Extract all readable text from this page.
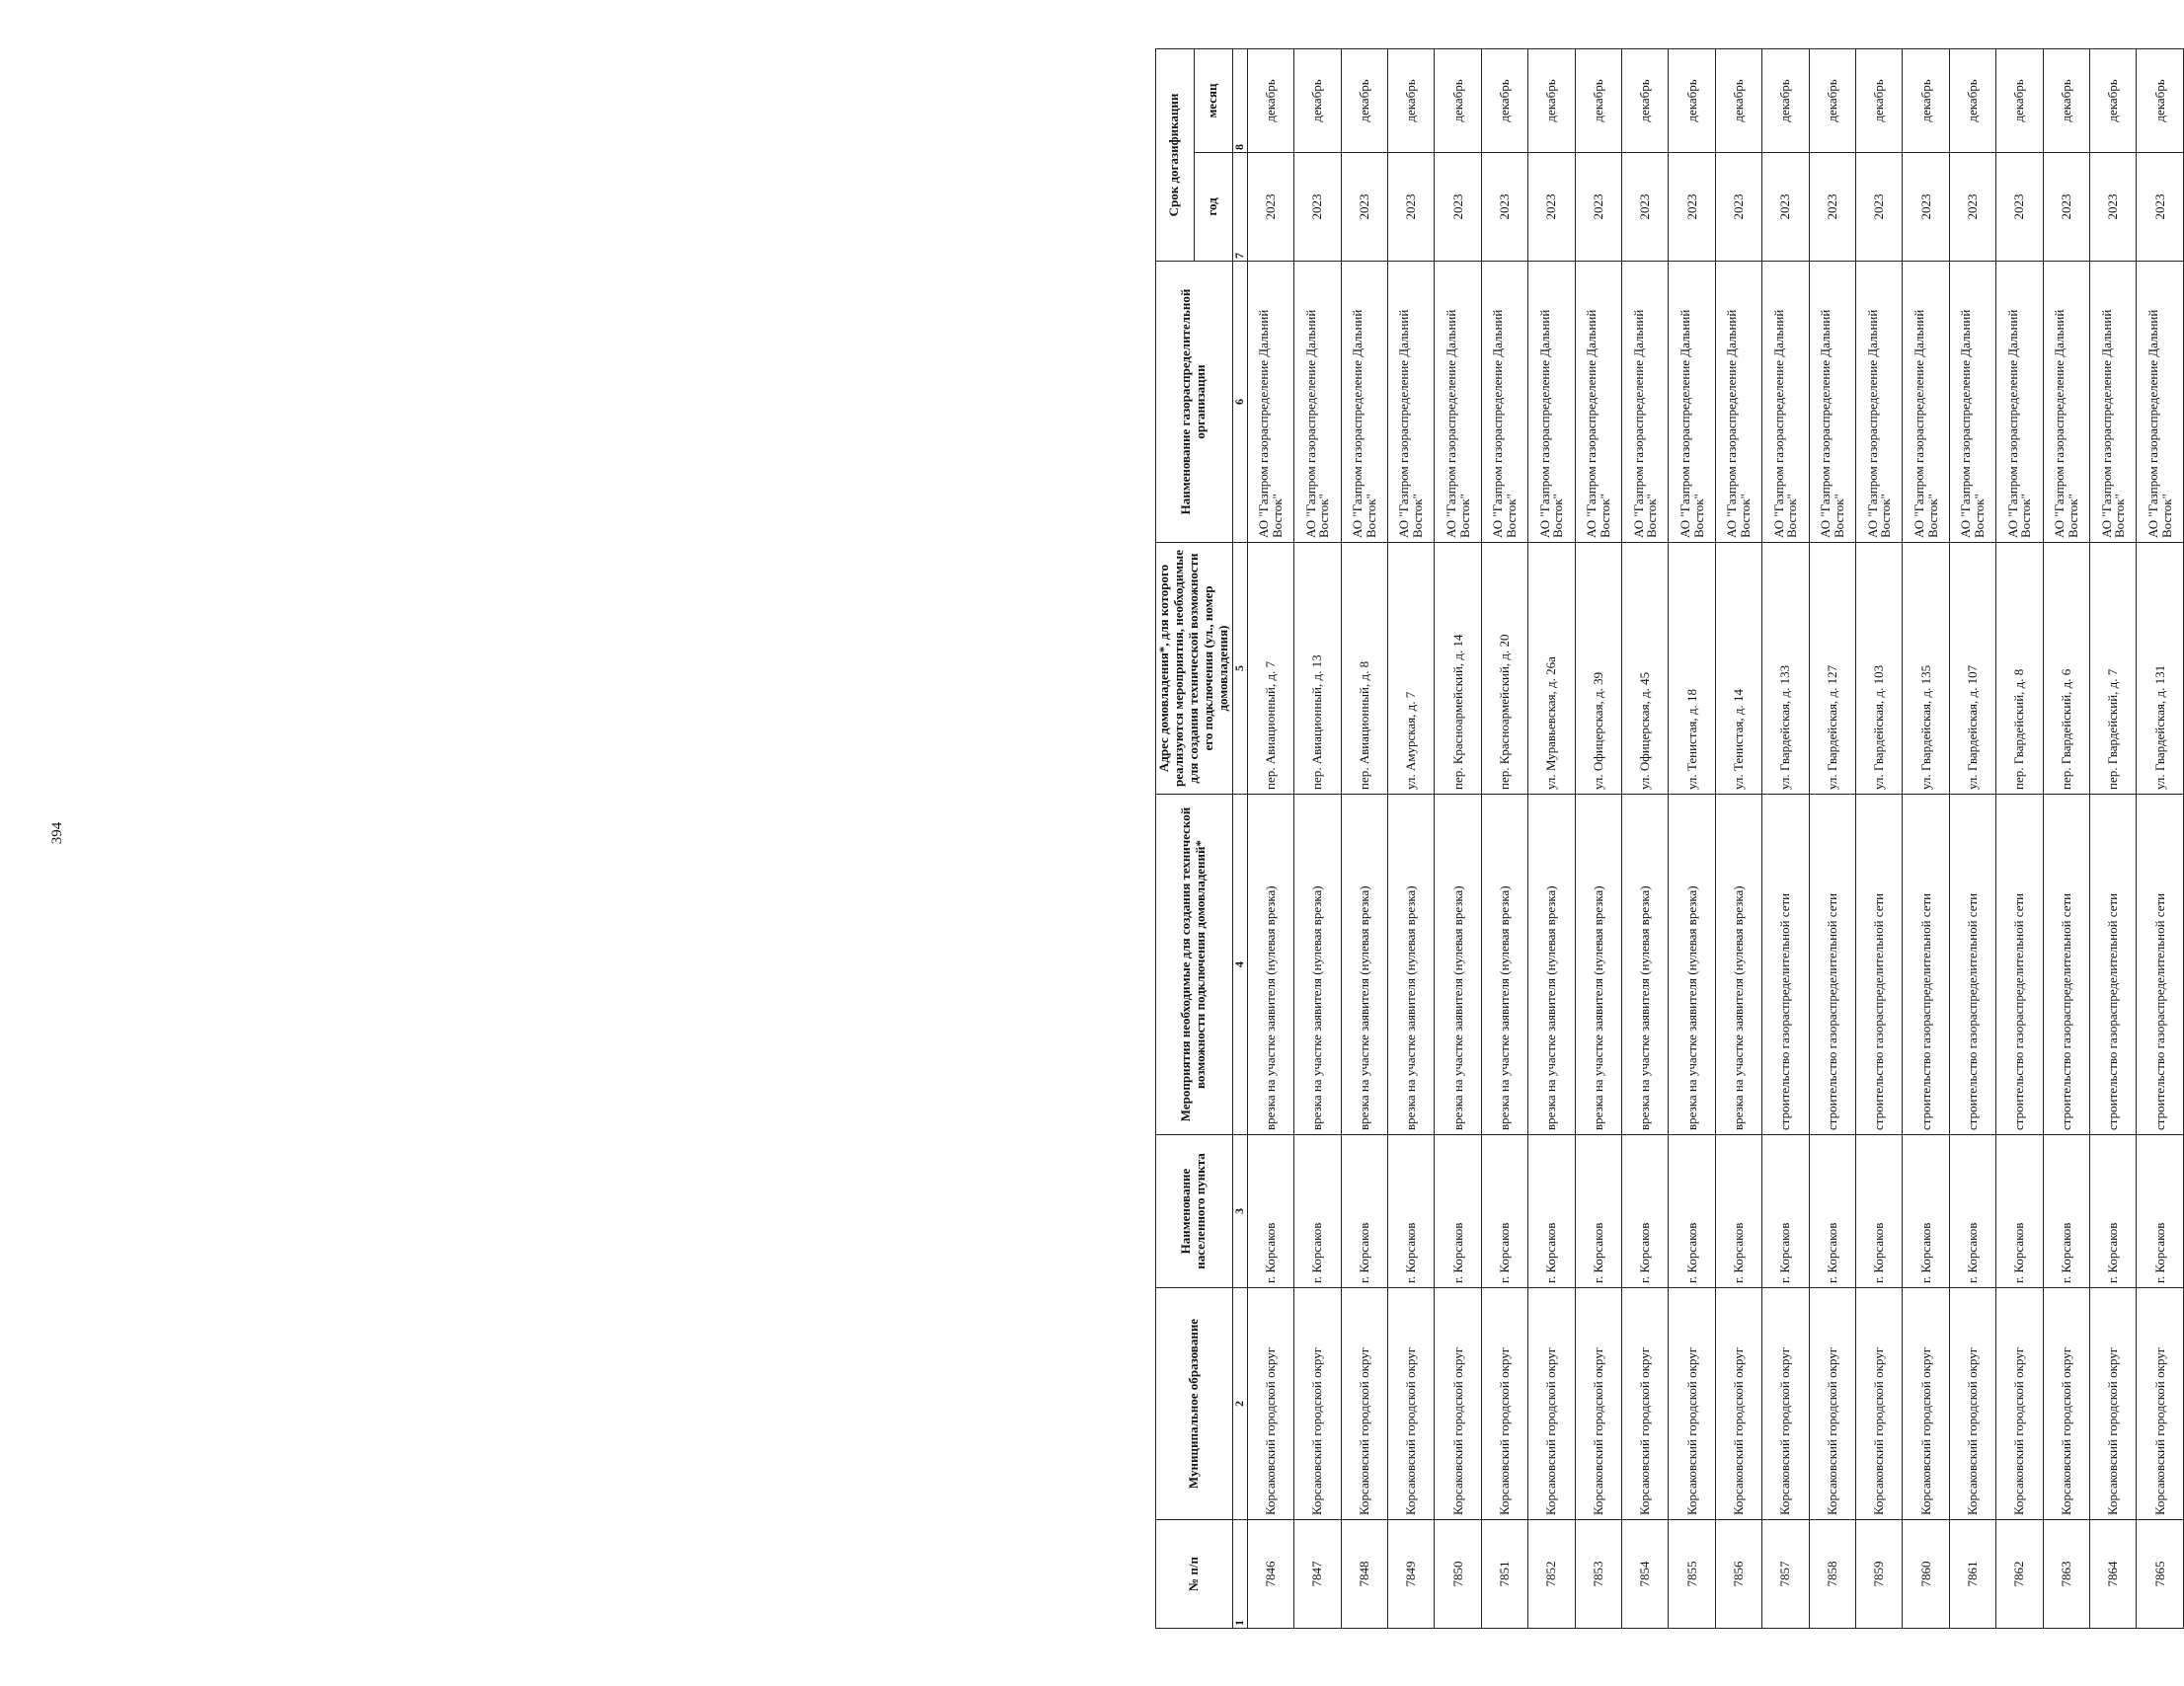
394
№ п/п	Муниципальное образование	Наименование населенного пункта	Мероприятия необходимые для создания технической возможности подключения домовладений*	Адрес домовладения*, для которого реализуются мероприятия, необходимые для создания технической возможности его подключения (ул., номер домовладения)	Наименование газораспределительной организации	Срок догазификации	
						год	месяц
1	2	3	4	5	6	7	8
7846	Корсаковский городской округ	г. Корсаков	врезка на участке заявителя (нулевая врезка)	пер. Авиационный, д. 7	АО "Газпром газораспределение Дальний Восток"	2023	декабрь
7847	Корсаковский городской округ	г. Корсаков	врезка на участке заявителя (нулевая врезка)	пер. Авиационный, д. 13	АО "Газпром газораспределение Дальний Восток"	2023	декабрь
7848	Корсаковский городской округ	г. Корсаков	врезка на участке заявителя (нулевая врезка)	пер. Авиационный, д. 8	АО "Газпром газораспределение Дальний Восток"	2023	декабрь
7849	Корсаковский городской округ	г. Корсаков	врезка на участке заявителя (нулевая врезка)	ул. Амурская, д. 7	АО "Газпром газораспределение Дальний Восток"	2023	декабрь
7850	Корсаковский городской округ	г. Корсаков	врезка на участке заявителя (нулевая врезка)	пер. Красноармейский, д. 14	АО "Газпром газораспределение Дальний Восток"	2023	декабрь
7851	Корсаковский городской округ	г. Корсаков	врезка на участке заявителя (нулевая врезка)	пер. Красноармейский, д. 20	АО "Газпром газораспределение Дальний Восток"	2023	декабрь
7852	Корсаковский городской округ	г. Корсаков	врезка на участке заявителя (нулевая врезка)	ул. Муравьевская, д. 26а	АО "Газпром газораспределение Дальний Восток"	2023	декабрь
7853	Корсаковский городской округ	г. Корсаков	врезка на участке заявителя (нулевая врезка)	ул. Офицерская, д. 39	АО "Газпром газораспределение Дальний Восток"	2023	декабрь
7854	Корсаковский городской округ	г. Корсаков	врезка на участке заявителя (нулевая врезка)	ул. Офицерская, д. 45	АО "Газпром газораспределение Дальний Восток"	2023	декабрь
7855	Корсаковский городской округ	г. Корсаков	врезка на участке заявителя (нулевая врезка)	ул. Тенистая, д. 18	АО "Газпром газораспределение Дальний Восток"	2023	декабрь
7856	Корсаковский городской округ	г. Корсаков	врезка на участке заявителя (нулевая врезка)	ул. Тенистая, д. 14	АО "Газпром газораспределение Дальний Восток"	2023	декабрь
7857	Корсаковский городской округ	г. Корсаков	строительство газораспределительной сети	ул. Гвардейская, д. 133	АО "Газпром газораспределение Дальний Восток"	2023	декабрь
7858	Корсаковский городской округ	г. Корсаков	строительство газораспределительной сети	ул. Гвардейская, д. 127	АО "Газпром газораспределение Дальний Восток"	2023	декабрь
7859	Корсаковский городской округ	г. Корсаков	строительство газораспределительной сети	ул. Гвардейская, д. 103	АО "Газпром газораспределение Дальний Восток"	2023	декабрь
7860	Корсаковский городской округ	г. Корсаков	строительство газораспределительной сети	ул. Гвардейская, д. 135	АО "Газпром газораспределение Дальний Восток"	2023	декабрь
7861	Корсаковский городской округ	г. Корсаков	строительство газораспределительной сети	ул. Гвардейская, д. 107	АО "Газпром газораспределение Дальний Восток"	2023	декабрь
7862	Корсаковский городской округ	г. Корсаков	строительство газораспределительной сети	пер. Гвардейский, д. 8	АО "Газпром газораспределение Дальний Восток"	2023	декабрь
7863	Корсаковский городской округ	г. Корсаков	строительство газораспределительной сети	пер. Гвардейский, д. 6	АО "Газпром газораспределение Дальний Восток"	2023	декабрь
7864	Корсаковский городской округ	г. Корсаков	строительство газораспределительной сети	пер. Гвардейский, д. 7	АО "Газпром газораспределение Дальний Восток"	2023	декабрь
7865	Корсаковский городской округ	г. Корсаков	строительство газораспределительной сети	ул. Гвардейская, д. 131	АО "Газпром газораспределение Дальний Восток"	2023	декабрь
